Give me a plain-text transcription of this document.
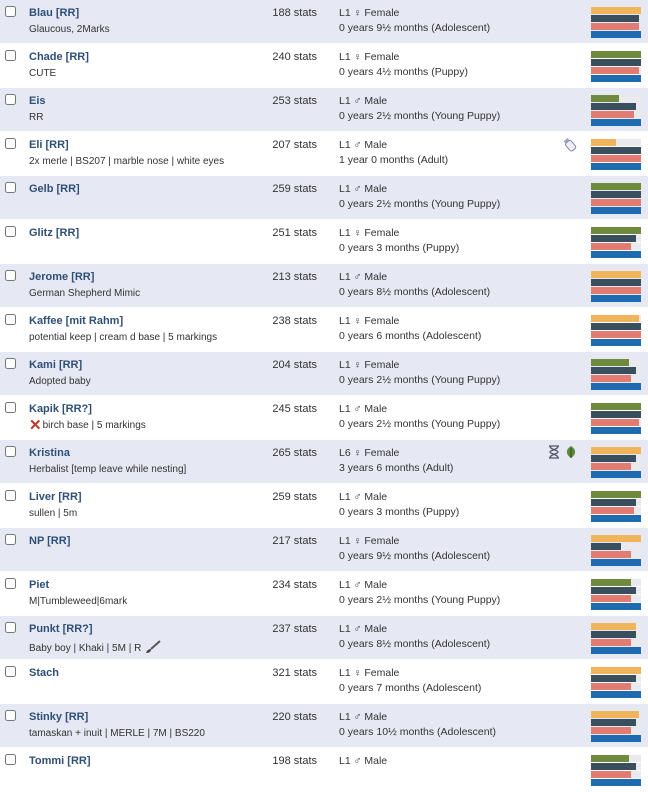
Blau [RR]
Glaucous, 2Marks
188 stats L1 ♀ Female
0 years 9½ months (Adolescent)
Chade [RR]
CUTE
240 stats L1 ♀ Female
0 years 4½ months (Puppy)
Eis
RR
253 stats L1 ♂ Male
0 years 2½ months (Young Puppy)
Eli [RR]
2x merle | BS207 | marble nose | white eyes
207 stats L1 ♂ Male
1 year 0 months (Adult)
Gelb [RR]	259 stats L1 ♂ Male
0 years 2½ months (Young Puppy)
Glitz [RR]	251 stats L1 ♀ Female
0 years 3 months (Puppy)
Jerome [RR]
German Shepherd Mimic
213 stats L1 ♂ Male
0 years 8½ months (Adolescent)
Kaffee [mit Rahm]
potential keep | cream d base | 5 markings
238 stats L1 ♀ Female
0 years 6 months (Adolescent)
Kami [RR]
Adopted baby
204 stats L1 ♀ Female
0 years 2½ months (Young Puppy)
Kapik [RR?]
✕birch base | 5 markings
245 stats L1 ♂ Male
0 years 2½ months (Young Puppy)
Kristina
Herbalist [temp leave while nesting]
265 stats L6 ♀ Female
3 years 6 months (Adult)
Liver [RR]
sullen | 5m
259 stats L1 ♂ Male
0 years 3 months (Puppy)
NP [RR]	217 stats L1 ♀ Female
0 years 9½ months (Adolescent)
Piet
M|Tumbleweed|6mark
234 stats L1 ♂ Male
0 years 2½ months (Young Puppy)
Punkt [RR?]
Baby boy | Khaki | 5M | R
237 stats L1 ♂ Male
0 years 8½ months (Adolescent)
Stach	321 stats L1 ♀ Female
0 years 7 months (Adolescent)
Stinky [RR]
tamaskan + inuit | MERLE | 7M | BS220
220 stats L1 ♂ Male
0 years 10½ months (Adolescent)
Tommi [RR]	198 stats L1 ♂ Male
